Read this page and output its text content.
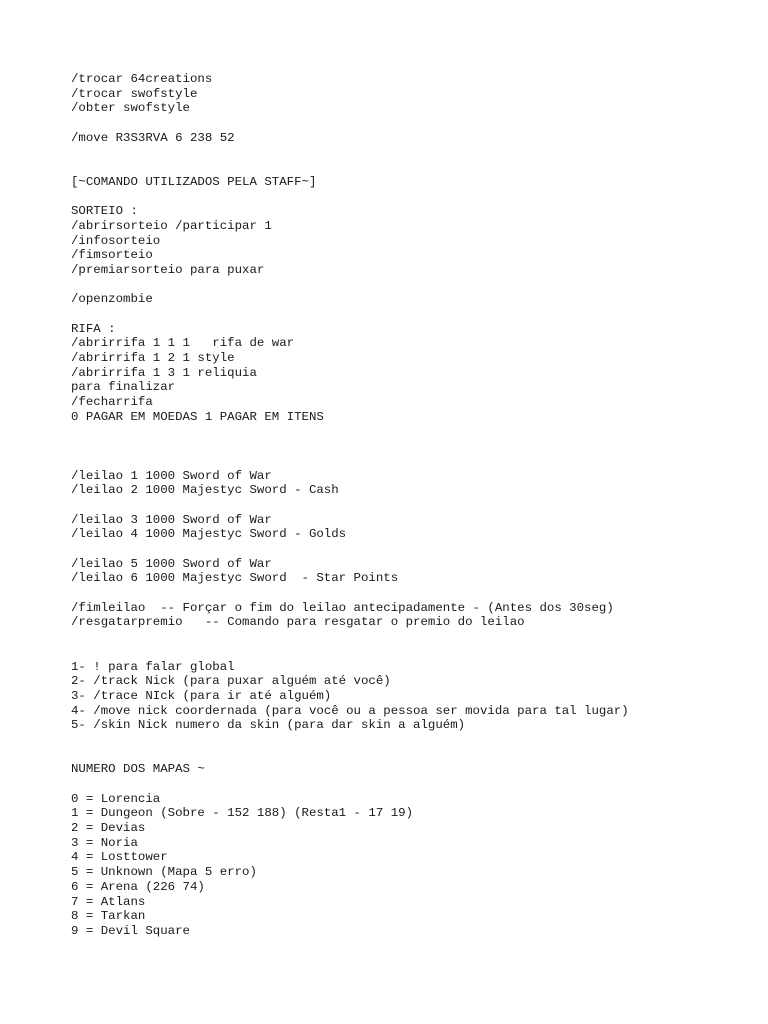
/trocar 64creations
/trocar swofstyle
/obter swofstyle
/move R3S3RVA 6 238 52
[~COMANDO UTILIZADOS PELA STAFF~]
SORTEIO :
/abrirsorteio /participar 1
/infosorteio
/fimsorteio
/premiarsorteio para puxar
/openzombie
RIFA :
/abrirrifa 1 1 1   rifa de war
/abrirrifa 1 2 1 style
/abrirrifa 1 3 1 reliquia
para finalizar
/fecharrifa
0 PAGAR EM MOEDAS 1 PAGAR EM ITENS
/leilao 1 1000 Sword of War
/leilao 2 1000 Majestyc Sword - Cash
/leilao 3 1000 Sword of War
/leilao 4 1000 Majestyc Sword - Golds
/leilao 5 1000 Sword of War
/leilao 6 1000 Majestyc Sword  - Star Points
/fimleilao  -- Forçar o fim do leilao antecipadamente - (Antes dos 30seg)
/resgatarpremio   -- Comando para resgatar o premio do leilao
1- ! para falar global
2- /track Nick (para puxar alguém até você)
3- /trace NIck (para ir até alguém)
4- /move nick coordernada (para você ou a pessoa ser movida para tal lugar)
5- /skin Nick numero da skin (para dar skin a alguém)
NUMERO DOS MAPAS ~
0 = Lorencia
1 = Dungeon (Sobre - 152 188) (Resta1 - 17 19)
2 = Devias
3 = Noria
4 = Losttower
5 = Unknown (Mapa 5 erro)
6 = Arena (226 74)
7 = Atlans
8 = Tarkan
9 = Devil Square
